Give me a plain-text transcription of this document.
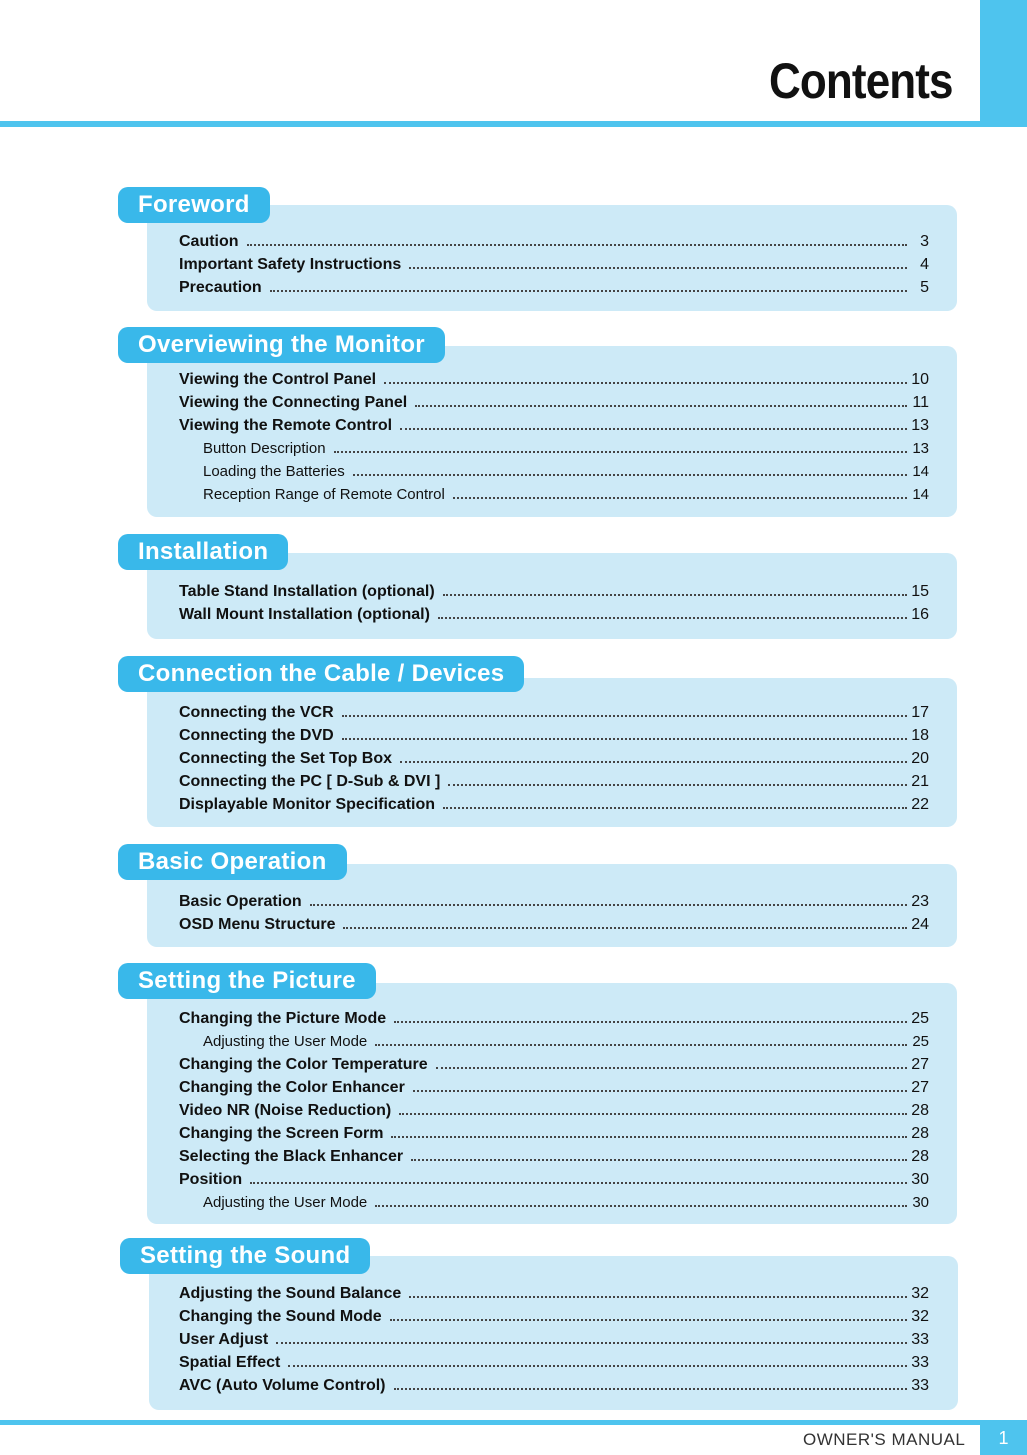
Contents
Foreword
Caution	3
Important Safety Instructions	4
Precaution	5
Overviewing the Monitor
Viewing the Control Panel	10
Viewing the Connecting Panel	11
Viewing the Remote Control	13
Button Description	13
Loading the Batteries	14
Reception Range of Remote Control	14
Installation
Table Stand Installation (optional)	15
Wall Mount Installation (optional)	16
Connection the Cable / Devices
Connecting the VCR	17
Connecting the DVD	18
Connecting the Set Top Box	20
Connecting the PC [ D-Sub & DVI ]	21
Displayable Monitor Specification	22
Basic Operation
Basic Operation	23
OSD Menu Structure	24
Setting the Picture
Changing the Picture Mode	25
Adjusting the User Mode	25
Changing the Color Temperature	27
Changing the Color Enhancer	27
Video NR (Noise Reduction)	28
Changing the Screen Form	28
Selecting the Black Enhancer	28
Position	30
Adjusting the User Mode	30
Setting the Sound
Adjusting the Sound Balance	32
Changing the Sound Mode	32
User Adjust	33
Spatial Effect	33
AVC (Auto Volume Control)	33
OWNER'S MANUAL	1
